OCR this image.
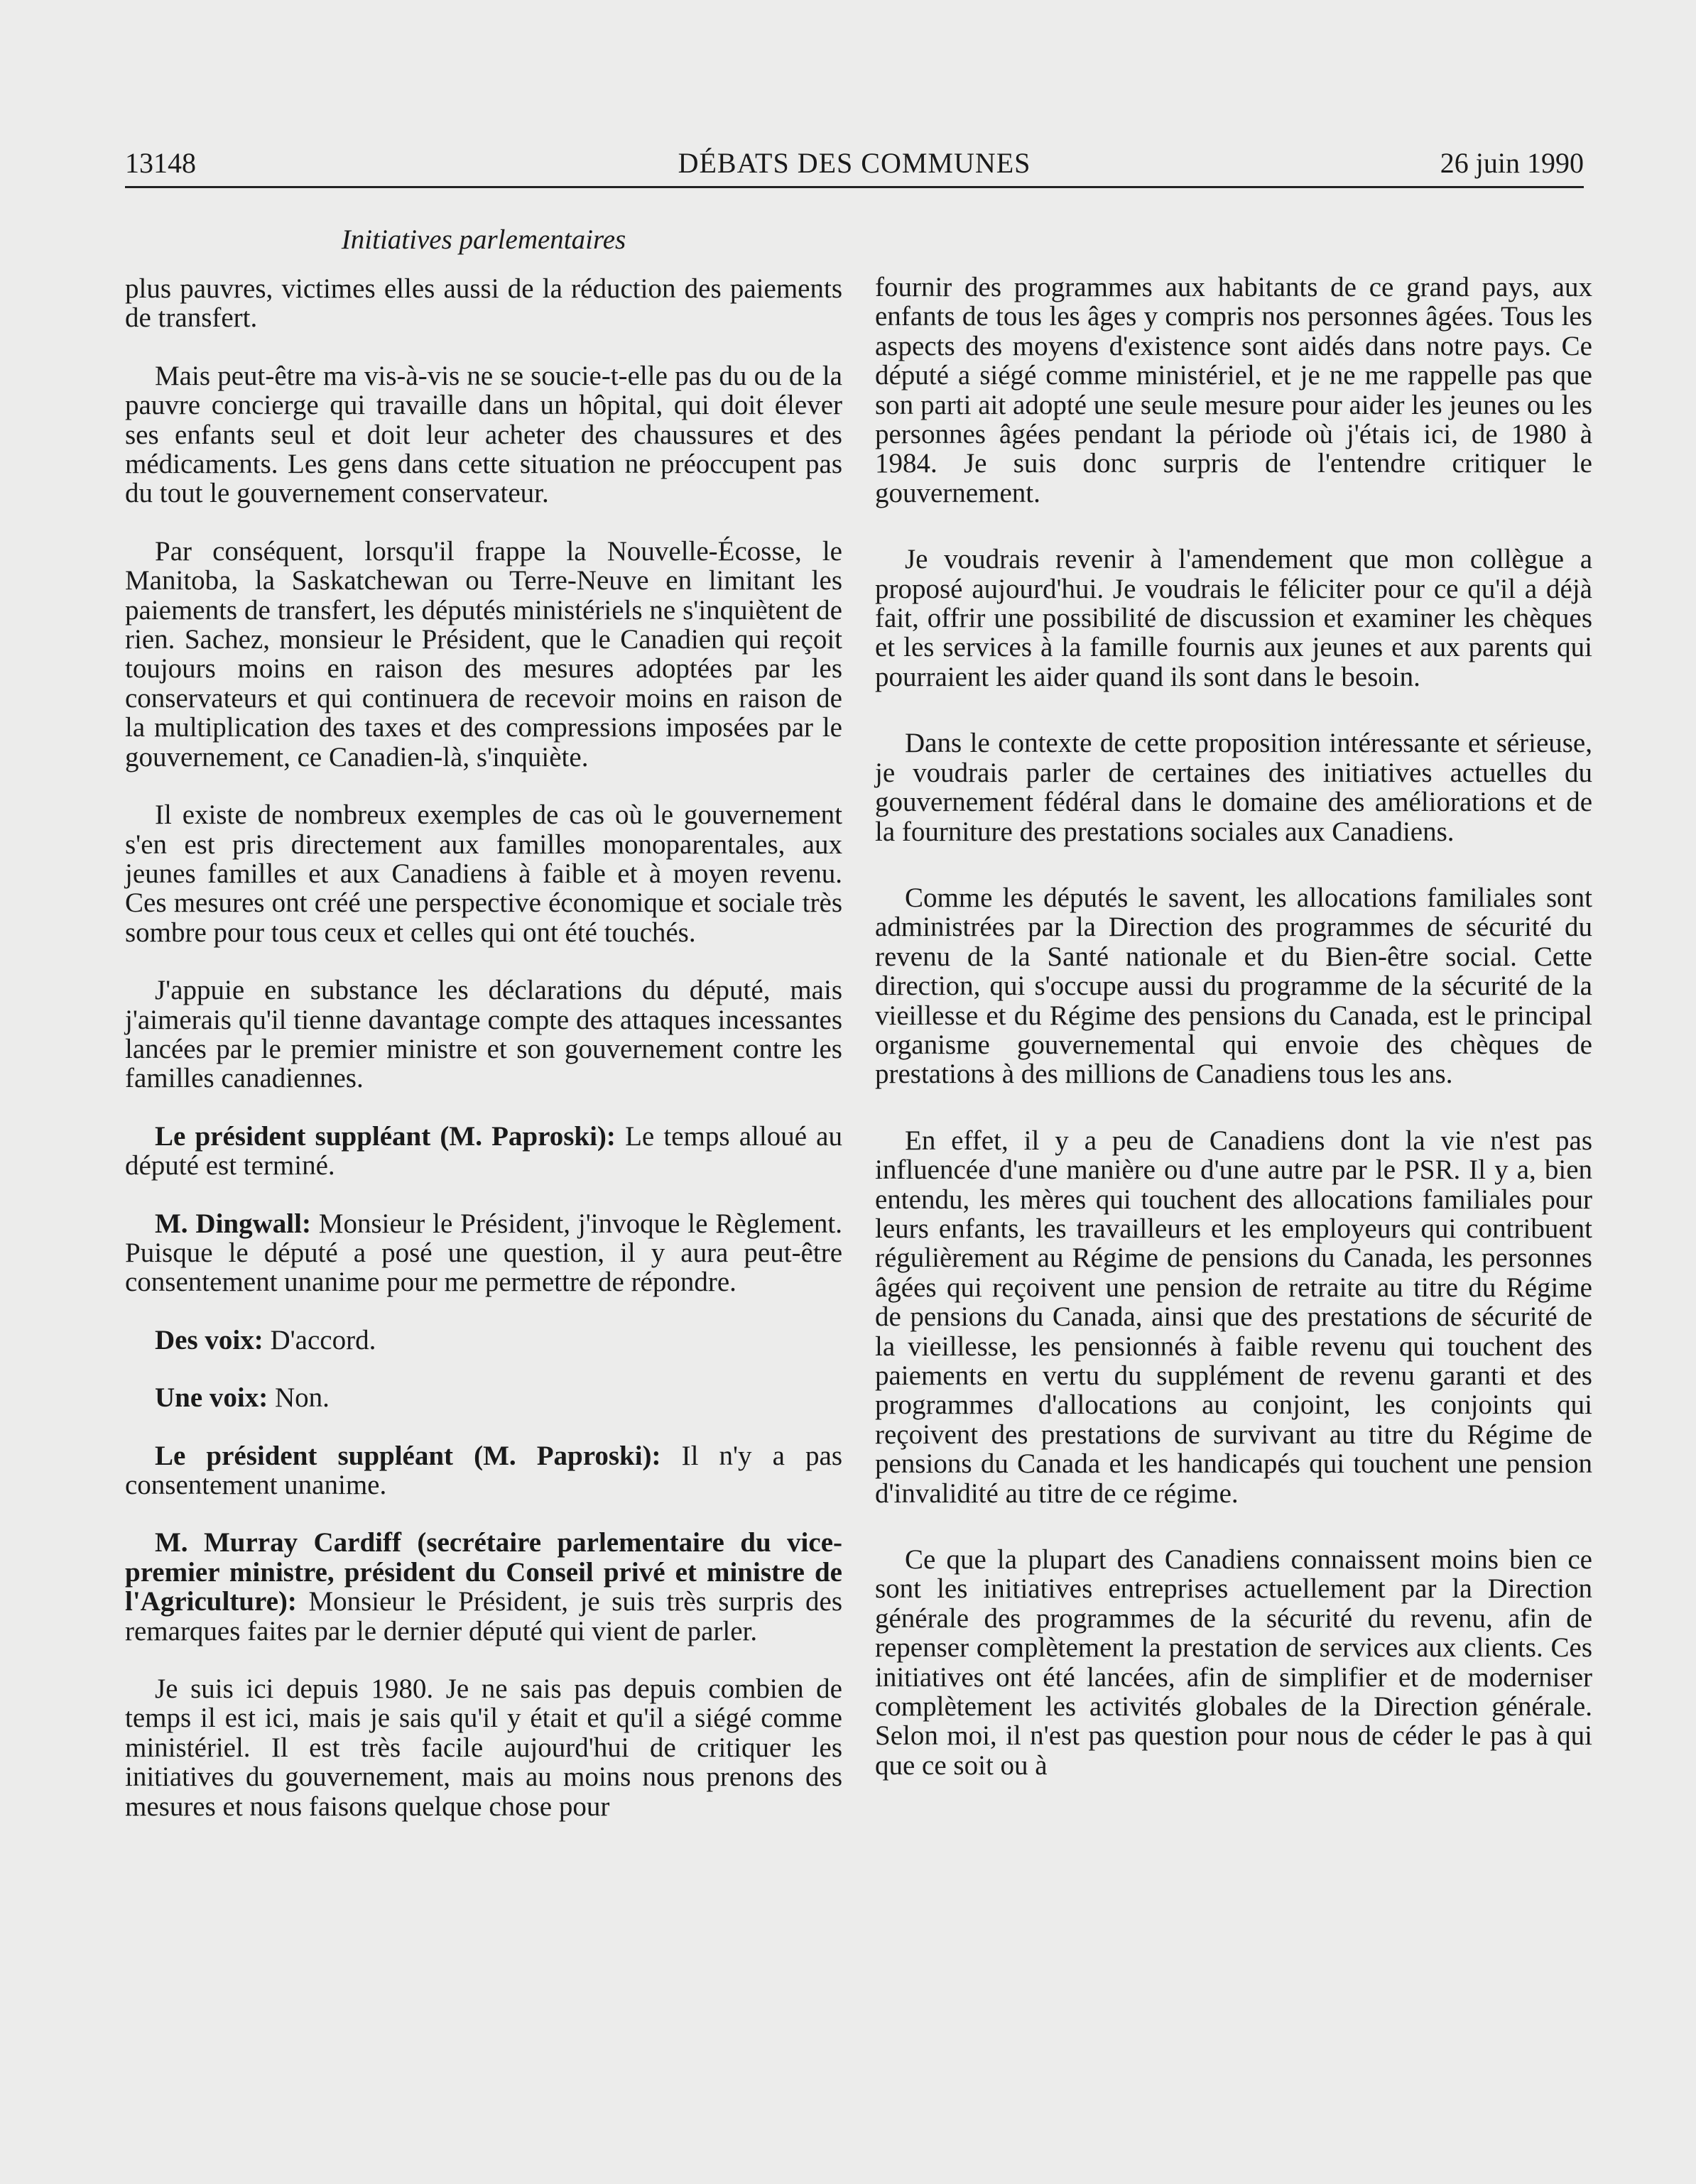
13148	DÉBATS DES COMMUNES	26 juin 1990
Initiatives parlementaires

plus pauvres, victimes elles aussi de la réduction des paiements de transfert.

Mais peut-être ma vis-à-vis ne se soucie-t-elle pas du ou de la pauvre concierge qui travaille dans un hôpital, qui doit élever ses enfants seul et doit leur acheter des chaussures et des médicaments. Les gens dans cette situation ne préoccupent pas du tout le gouvernement conservateur.

Par conséquent, lorsqu'il frappe la Nouvelle-Écosse, le Manitoba, la Saskatchewan ou Terre-Neuve en limitant les paiements de transfert, les députés ministériels ne s'inquiètent de rien. Sachez, monsieur le Président, que le Canadien qui reçoit toujours moins en raison des mesures adoptées par les conservateurs et qui continuera de recevoir moins en raison de la multiplication des taxes et des compressions imposées par le gouvernement, ce Canadien-là, s'inquiète.

Il existe de nombreux exemples de cas où le gouvernement s'en est pris directement aux familles monoparentales, aux jeunes familles et aux Canadiens à faible et à moyen revenu. Ces mesures ont créé une perspective économique et sociale très sombre pour tous ceux et celles qui ont été touchés.

J'appuie en substance les déclarations du député, mais j'aimerais qu'il tienne davantage compte des attaques incessantes lancées par le premier ministre et son gouvernement contre les familles canadiennes.

Le président suppléant (M. Paproski): Le temps alloué au député est terminé.

M. Dingwall: Monsieur le Président, j'invoque le Règlement. Puisque le député a posé une question, il y aura peut-être consentement unanime pour me permettre de répondre.

Des voix: D'accord.

Une voix: Non.

Le président suppléant (M. Paproski): Il n'y a pas consentement unanime.

M. Murray Cardiff (secrétaire parlementaire du vice-premier ministre, président du Conseil privé et ministre de l'Agriculture): Monsieur le Président, je suis très surpris des remarques faites par le dernier député qui vient de parler.

Je suis ici depuis 1980. Je ne sais pas depuis combien de temps il est ici, mais je sais qu'il y était et qu'il a siégé comme ministériel. Il est très facile aujourd'hui de critiquer les initiatives du gouvernement, mais au moins nous prenons des mesures et nous faisons quelque chose pour

fournir des programmes aux habitants de ce grand pays, aux enfants de tous les âges y compris nos personnes âgées. Tous les aspects des moyens d'existence sont aidés dans notre pays. Ce député a siégé comme ministériel, et je ne me rappelle pas que son parti ait adopté une seule mesure pour aider les jeunes ou les personnes âgées pendant la période où j'étais ici, de 1980 à 1984. Je suis donc surpris de l'entendre critiquer le gouvernement.

Je voudrais revenir à l'amendement que mon collègue a proposé aujourd'hui. Je voudrais le féliciter pour ce qu'il a déjà fait, offrir une possibilité de discussion et examiner les chèques et les services à la famille fournis aux jeunes et aux parents qui pourraient les aider quand ils sont dans le besoin.

Dans le contexte de cette proposition intéressante et sérieuse, je voudrais parler de certaines des initiatives actuelles du gouvernement fédéral dans le domaine des améliorations et de la fourniture des prestations sociales aux Canadiens.

Comme les députés le savent, les allocations familiales sont administrées par la Direction des programmes de sécurité du revenu de la Santé nationale et du Bien-être social. Cette direction, qui s'occupe aussi du programme de la sécurité de la vieillesse et du Régime des pensions du Canada, est le principal organisme gouvernemental qui envoie des chèques de prestations à des millions de Canadiens tous les ans.

En effet, il y a peu de Canadiens dont la vie n'est pas influencée d'une manière ou d'une autre par le PSR. Il y a, bien entendu, les mères qui touchent des allocations familiales pour leurs enfants, les travailleurs et les employeurs qui contribuent régulièrement au Régime de pensions du Canada, les personnes âgées qui reçoivent une pension de retraite au titre du Régime de pensions du Canada, ainsi que des prestations de sécurité de la vieillesse, les pensionnés à faible revenu qui touchent des paiements en vertu du supplément de revenu garanti et des programmes d'allocations au conjoint, les conjoints qui reçoivent des prestations de survivant au titre du Régime de pensions du Canada et les handicapés qui touchent une pension d'invalidité au titre de ce régime.

Ce que la plupart des Canadiens connaissent moins bien ce sont les initiatives entreprises actuellement par la Direction générale des programmes de la sécurité du revenu, afin de repenser complètement la prestation de services aux clients. Ces initiatives ont été lancées, afin de simplifier et de moderniser complètement les activités globales de la Direction générale. Selon moi, il n'est pas question pour nous de céder le pas à qui que ce soit ou à
